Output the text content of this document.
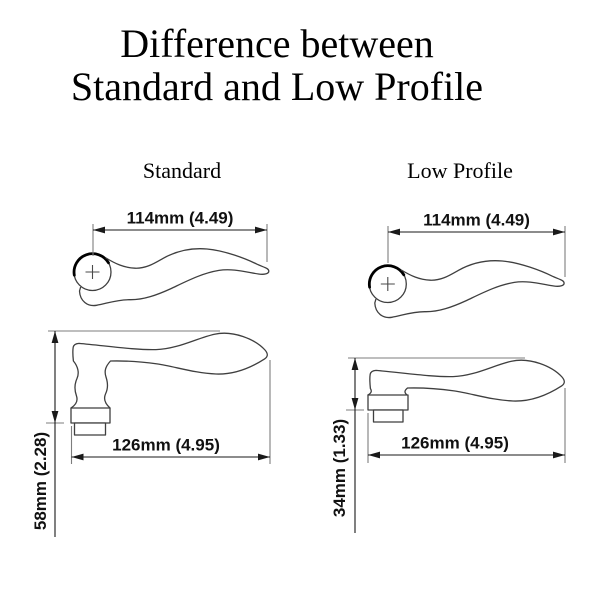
Difference between
Standard and Low Profile
Standard	Low Profile
114mm (4.49)	114mm (4.49)
58mm (2.28)	126mm (4.95)	34mm (1.33)	126mm (4.95)
